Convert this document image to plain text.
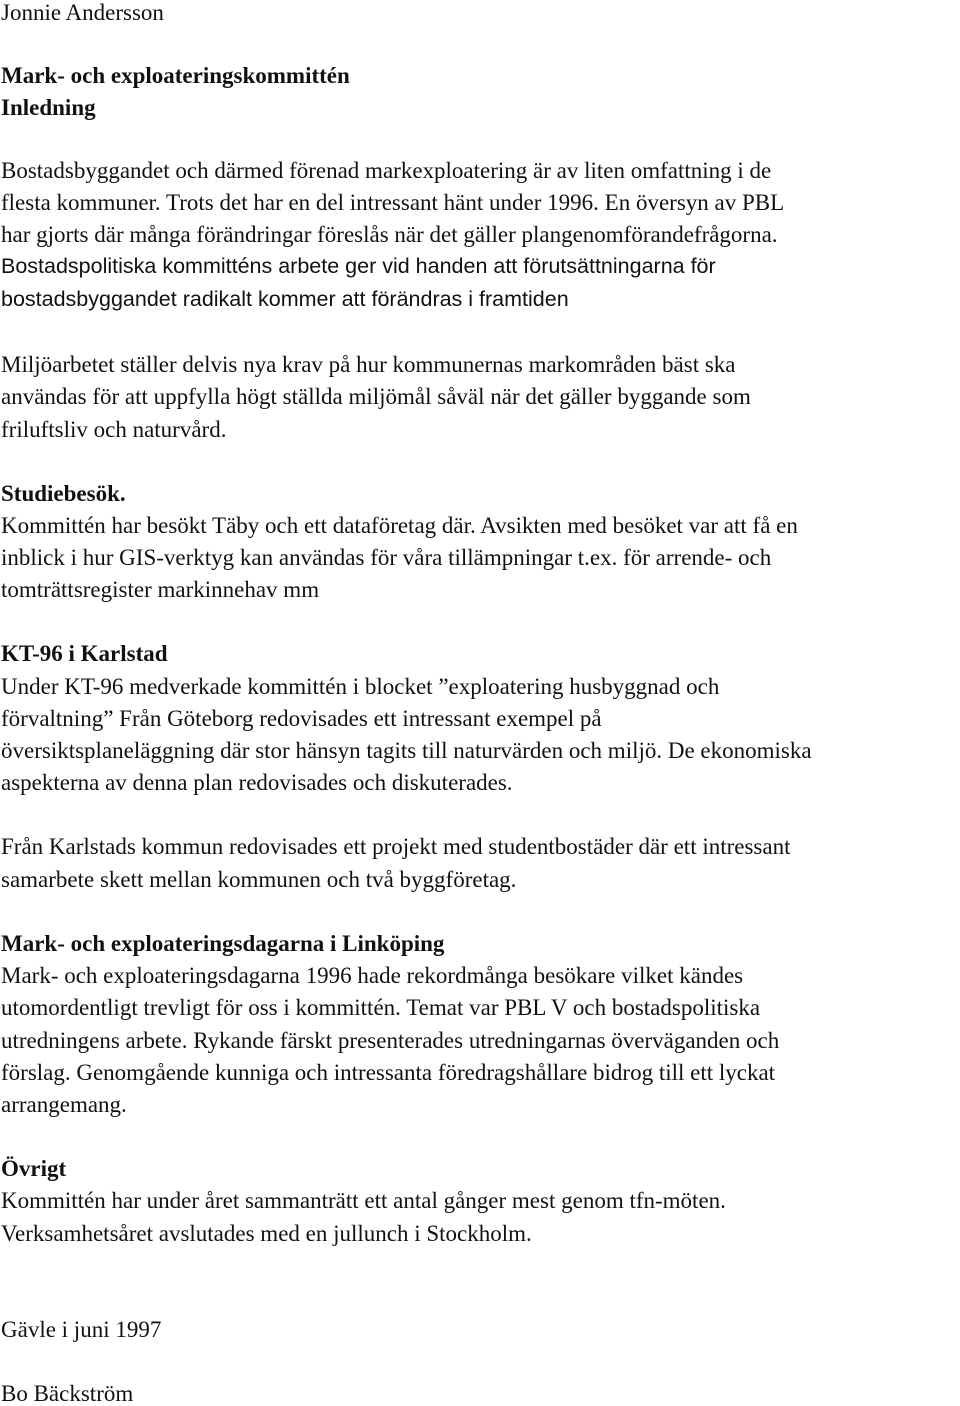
Jonnie Andersson
Mark- och exploateringskommittén
Inledning
Bostadsbyggandet och därmed förenad markexploatering är av liten omfattning i de
flesta kommuner. Trots det har en del intressant hänt under 1996. En översyn av PBL
har gjorts där många förändringar föreslås när det gäller plangenomförandefrågorna.
Bostadspolitiska kommitténs arbete ger vid handen att förutsättningarna för
bostadsbyggandet radikalt kommer att förändras i framtiden
Miljöarbetet ställer delvis nya krav på hur kommunernas markområden bäst ska
användas för att uppfylla högt ställda miljömål såväl när det gäller byggande som
friluftsliv och naturvård.
Studiebesök.
Kommittén har besökt Täby och ett dataföretag där. Avsikten med besöket var att få en
inblick i hur GIS-verktyg kan användas för våra tillämpningar t.ex. för arrende- och
tomträttsregister markinnehav mm
KT-96 i Karlstad
Under KT-96 medverkade kommittén i blocket ”exploatering husbyggnad och
förvaltning” Från Göteborg redovisades ett intressant exempel på
översiktsplaneläggning där stor hänsyn tagits till naturvärden och miljö. De ekonomiska
aspekterna av denna plan redovisades och diskuterades.
Från Karlstads kommun redovisades ett projekt med studentbostäder där ett intressant
samarbete skett mellan kommunen och två byggföretag.
Mark- och exploateringsdagarna i Linköping
Mark- och exploateringsdagarna 1996 hade rekordmånga besökare vilket kändes
utomordentligt trevligt för oss i kommittén. Temat var PBL V och bostadspolitiska
utredningens arbete. Rykande färskt presenterades utredningarnas överväganden och
förslag. Genomgående kunniga och intressanta föredragshållare bidrog till ett lyckat
arrangemang.
Övrigt
Kommittén har under året sammanträtt ett antal gånger mest genom tfn-möten.
Verksamhetsåret avslutades med en jullunch i Stockholm.
Gävle i juni 1997
Bo Bäckström
